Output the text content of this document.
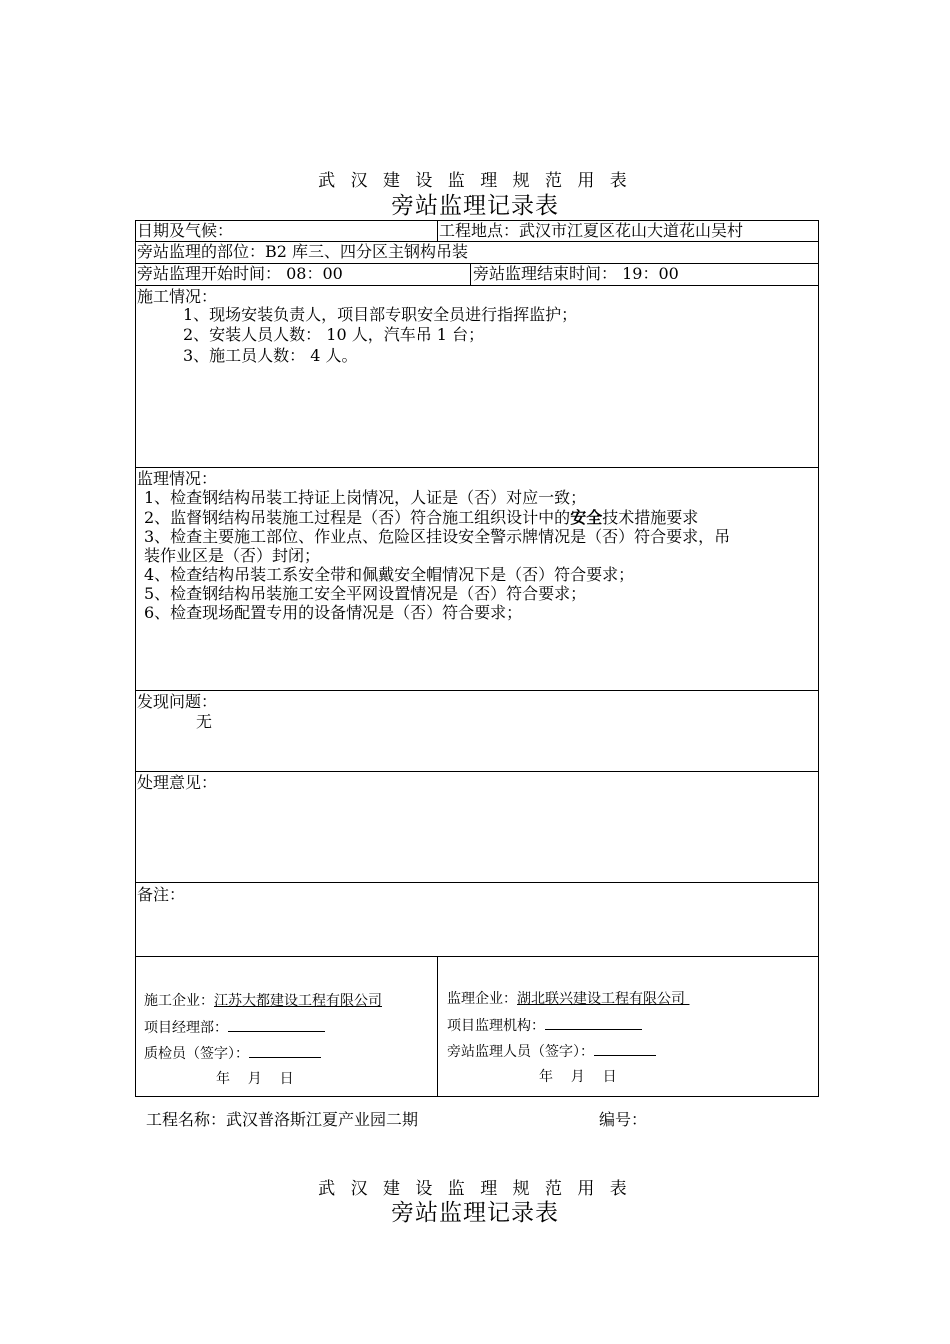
武 汉 建 设 监 理 规 范 用 表
旁站监理记录表
日期及气候：	工程地点：武汉市江夏区花山大道花山吴村
旁站监理的部位：B2 库三、四分区主钢构吊装
旁站监理开始时间： 08：00	旁站监理结束时间： 19：00
施工情况：
1、现场安装负责人，项目部专职安全员进行指挥监护；
2、安装人员人数： 10 人，汽车吊 1 台；
3、施工员人数： 4 人。
监理情况：
1、检查钢结构吊装工持证上岗情况，人证是（否）对应一致；
2、监督钢结构吊装施工过程是（否）符合施工组织设计中的安全技术措施要求
3、检查主要施工部位、作业点、危险区挂设安全警示牌情况是（否）符合要求，吊
装作业区是（否）封闭；
4、检查结构吊装工系安全带和佩戴安全帽情况下是（否）符合要求；
5、检查钢结构吊装施工安全平网设置情况是（否）符合要求；
6、检查现场配置专用的设备情况是（否）符合要求；
发现问题：
无
处理意见：
备注：
施工企业：江苏大都建设工程有限公司
项目经理部：
质检员（签字）：
年    月    日
监理企业：湖北联兴建设工程有限公司
项目监理机构：
旁站监理人员（签字）：
年    月    日
工程名称：武汉普洛斯江夏产业园二期	编号：
武 汉 建 设 监 理 规 范 用 表
旁站监理记录表
